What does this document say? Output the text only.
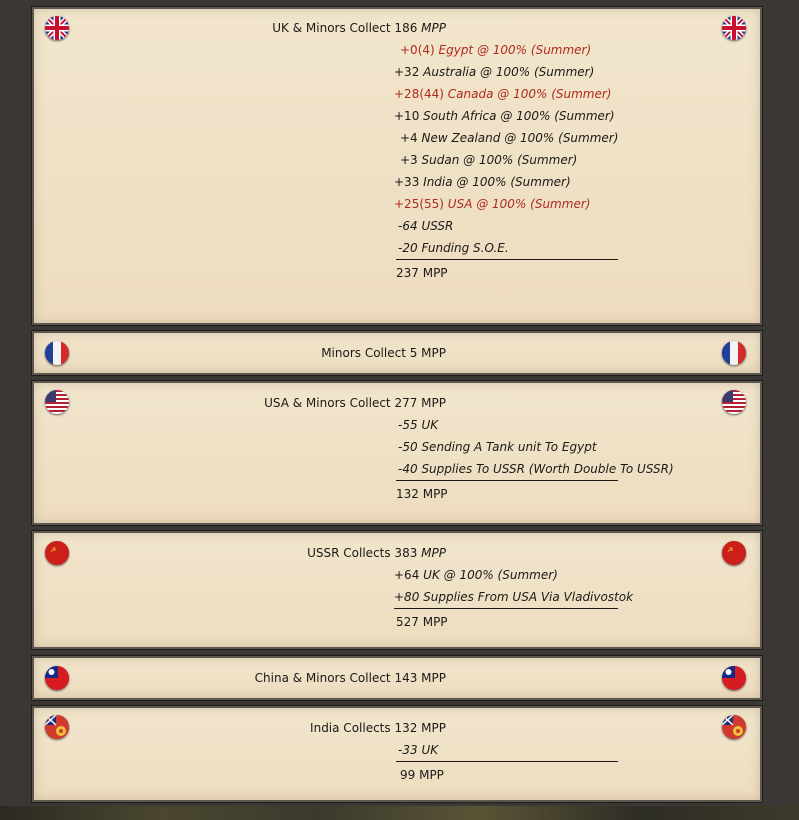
UK & Minors Collect 186 MPP
+0(4) Egypt @ 100% (Summer)
+32 Australia @ 100% (Summer)
+28(44) Canada @ 100% (Summer)
+10 South Africa @ 100% (Summer)
+4 New Zealand @ 100% (Summer)
+3 Sudan @ 100% (Summer)
+33 India @ 100% (Summer)
+25(55) USA @ 100% (Summer)
-64 USSR
-20 Funding S.O.E.
237 MPP
Minors Collect 5 MPP
USA & Minors Collect 277 MPP
-55 UK
-50 Sending A Tank unit To Egypt
-40 Supplies To USSR (Worth Double To USSR)
132 MPP
☭	☭
USSR Collects 383 MPP
+64 UK @ 100% (Summer)
+80 Supplies From USA Via Vladivostok
527 MPP
China & Minors Collect 143 MPP
India Collects 132 MPP
-33 UK
99 MPP
